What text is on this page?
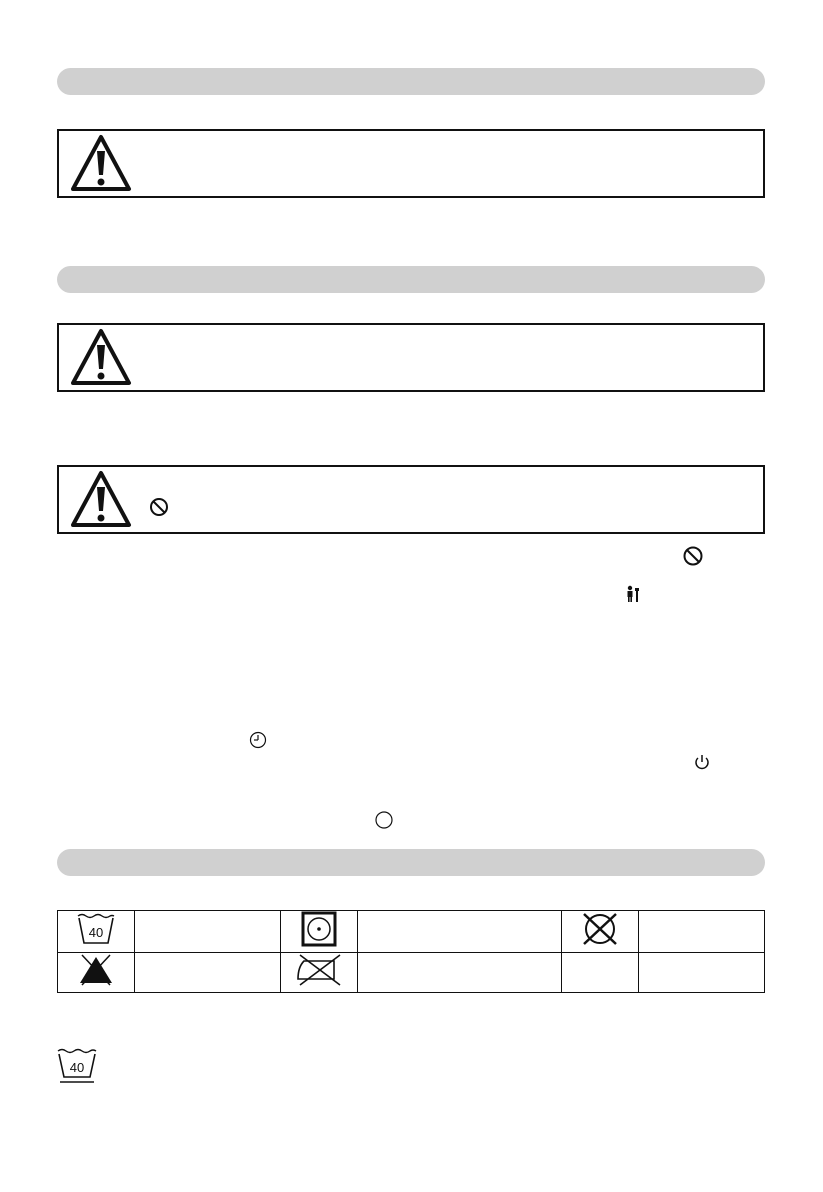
40

40
